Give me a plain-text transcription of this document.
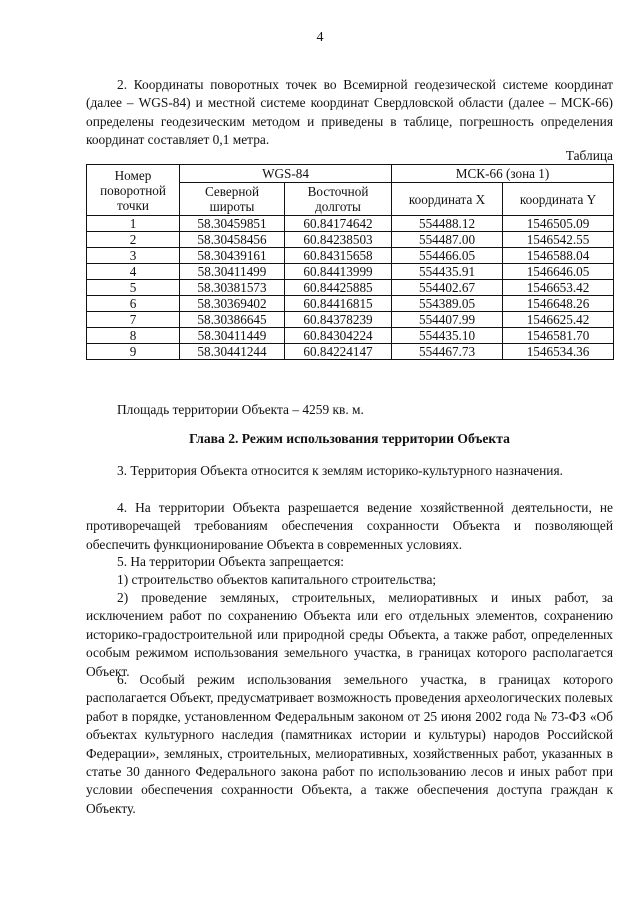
4

2. Координаты поворотных точек во Всемирной геодезической системе координат (далее – WGS-84) и местной системе координат Свердловской области (далее – МСК-66) определены геодезическим методом и приведены в таблице, погрешность определения координат составляет 0,1 метра.

Таблица
Номер поворотной точки	WGS-84		МСК-66 (зона 1)	
	Северной широты	Восточной долготы	координата X	координата Y
1	58.30459851	60.84174642	554488.12	1546505.09
2	58.30458456	60.84238503	554487.00	1546542.55
3	58.30439161	60.84315658	554466.05	1546588.04
4	58.30411499	60.84413999	554435.91	1546646.05
5	58.30381573	60.84425885	554402.67	1546653.42
6	58.30369402	60.84416815	554389.05	1546648.26
7	58.30386645	60.84378239	554407.99	1546625.42
8	58.30411449	60.84304224	554435.10	1546581.70
9	58.30441244	60.84224147	554467.73	1546534.36

Площадь территории Объекта – 4259 кв. м.

Глава 2. Режим использования территории Объекта

3. Территория Объекта относится к землям историко-культурного назначения.

4. На территории Объекта разрешается ведение хозяйственной деятельности, не противоречащей требованиям обеспечения сохранности Объекта и позволяющей обеспечить функционирование Объекта в современных условиях.

5. На территории Объекта запрещается:

1) строительство объектов капитального строительства;

2) проведение земляных, строительных, мелиоративных и иных работ, за исключением работ по сохранению Объекта или его отдельных элементов, сохранению историко-градостроительной или природной среды Объекта, а также работ, определенных особым режимом использования земельного участка, в границах которого располагается Объект.

6. Особый режим использования земельного участка, в границах которого располагается Объект, предусматривает возможность проведения археологических полевых работ в порядке, установленном Федеральным законом от 25 июня 2002 года № 73-ФЗ «Об объектах культурного наследия (памятниках истории и культуры) народов Российской Федерации», земляных, строительных, мелиоративных, хозяйственных работ, указанных в статье 30 данного Федерального закона работ по использованию лесов и иных работ при условии обеспечения сохранности Объекта, а также обеспечения доступа граждан к Объекту.
